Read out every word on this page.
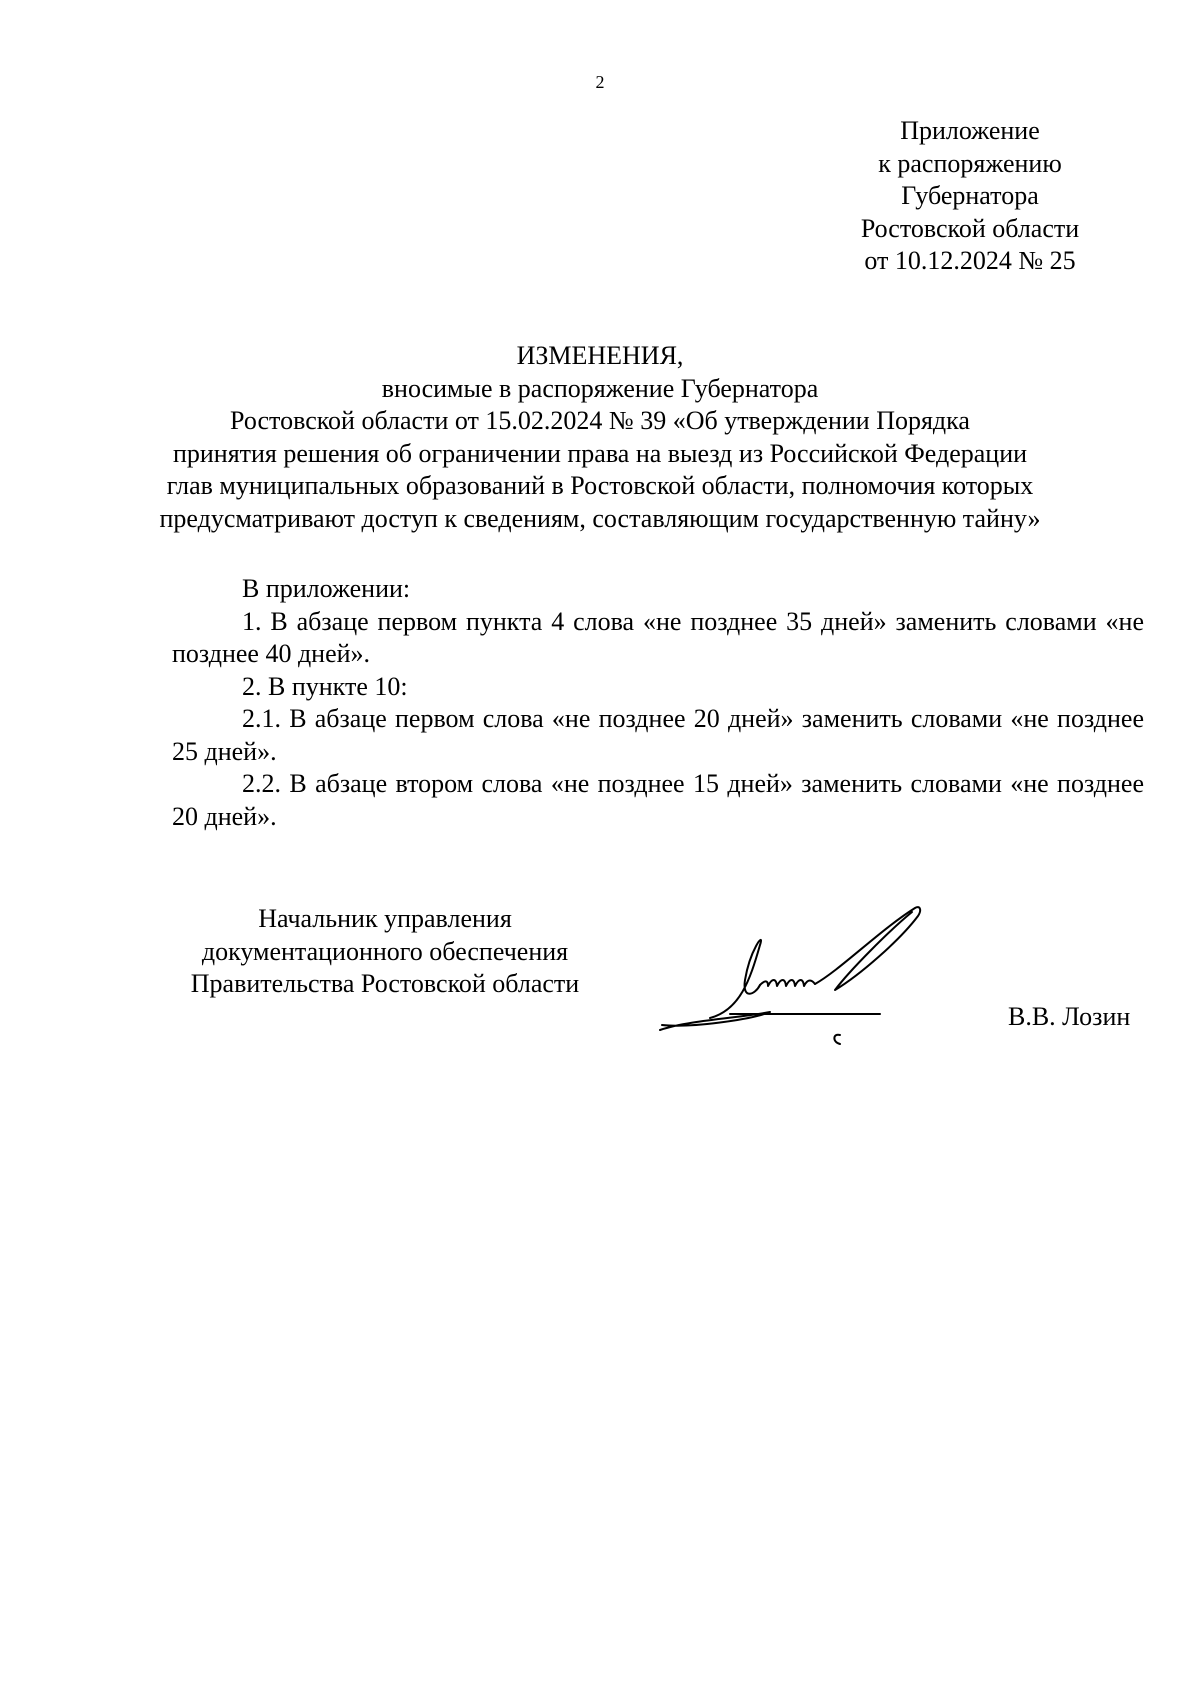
2
Приложение
к распоряжению
Губернатора
Ростовской области
от 10.12.2024 № 25
ИЗМЕНЕНИЯ,
вносимые в распоряжение Губернатора
Ростовской области от 15.02.2024 № 39 «Об утверждении Порядка
принятия решения об ограничении права на выезд из Российской Федерации
глав муниципальных образований в Ростовской области, полномочия которых
предусматривают доступ к сведениям, составляющим государственную тайну»

В приложении:

1. В абзаце первом пункта 4 слова «не позднее 35 дней» заменить словами «не позднее 40 дней».

2. В пункте 10:

2.1. В абзаце первом слова «не позднее 20 дней» заменить словами «не позднее 25 дней».

2.2. В абзаце втором слова «не позднее 15 дней» заменить словами «не позднее 20 дней».

Начальник управления
документационного обеспечения
Правительства Ростовской области
В.В. Лозин
